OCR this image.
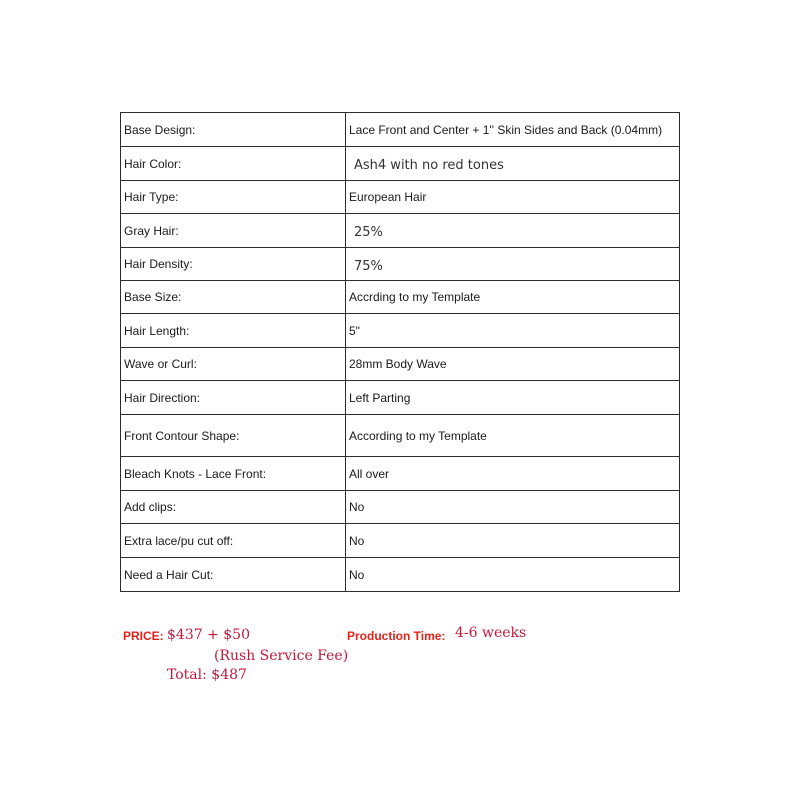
Base Design:	Lace Front and Center + 1'' Skin Sides and Back (0.04mm)
Hair Color:	Ash4 with no red tones
Hair Type:	European Hair
Gray Hair:	25%
Hair Density:	75%
Base Size:	Accrding to my Template
Hair Length:	5"
Wave or Curl:	28mm Body Wave
Hair Direction:	Left Parting
Front Contour Shape:	According to my Template
Bleach Knots - Lace Front:	All over
Add clips:	No
Extra lace/pu cut off:	No
Need a Hair Cut:	No
PRICE: $437 + $50
(Rush Service Fee)
Total: $487
Production Time: 4-6 weeks
